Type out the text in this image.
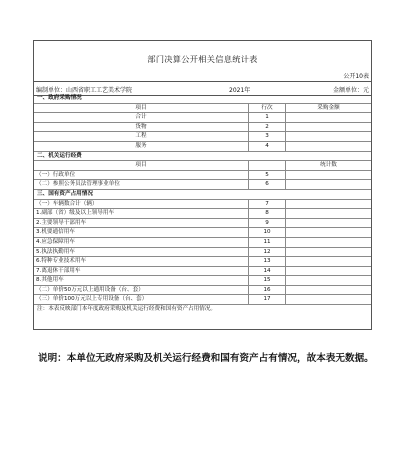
部门决算公开相关信息统计表
公开10表
编制单位：山西省职工工艺美术学院	2021年	金额单位：元
一、政府采购情况
项目	行次	采购金额
合计	1
货物	2
工程	3
服务	4
二、机关运行经费
项目	统计数
（一）行政单位	5
（二）参照公务员法管理事业单位	6
三、国有资产占用情况
（一）车辆数合计（辆）	7
1.副部（省）级及以上领导用车	8
2.主要领导干部用车	9
3.机要通信用车	10
4.应急保障用车	11
5.执法执勤用车	12
6.特种专业技术用车	13
7.离退休干部用车	14
8.其他用车	15
（二）单价50万元以上通用设备（台、套）	16
（三）单价100万元以上专用设备（台、套）	17
注：本表反映部门本年度政府采购及机关运行经费和国有资产占用情况。
说明：本单位无政府采购及机关运行经费和国有资产占有情况，故本表无数据。
